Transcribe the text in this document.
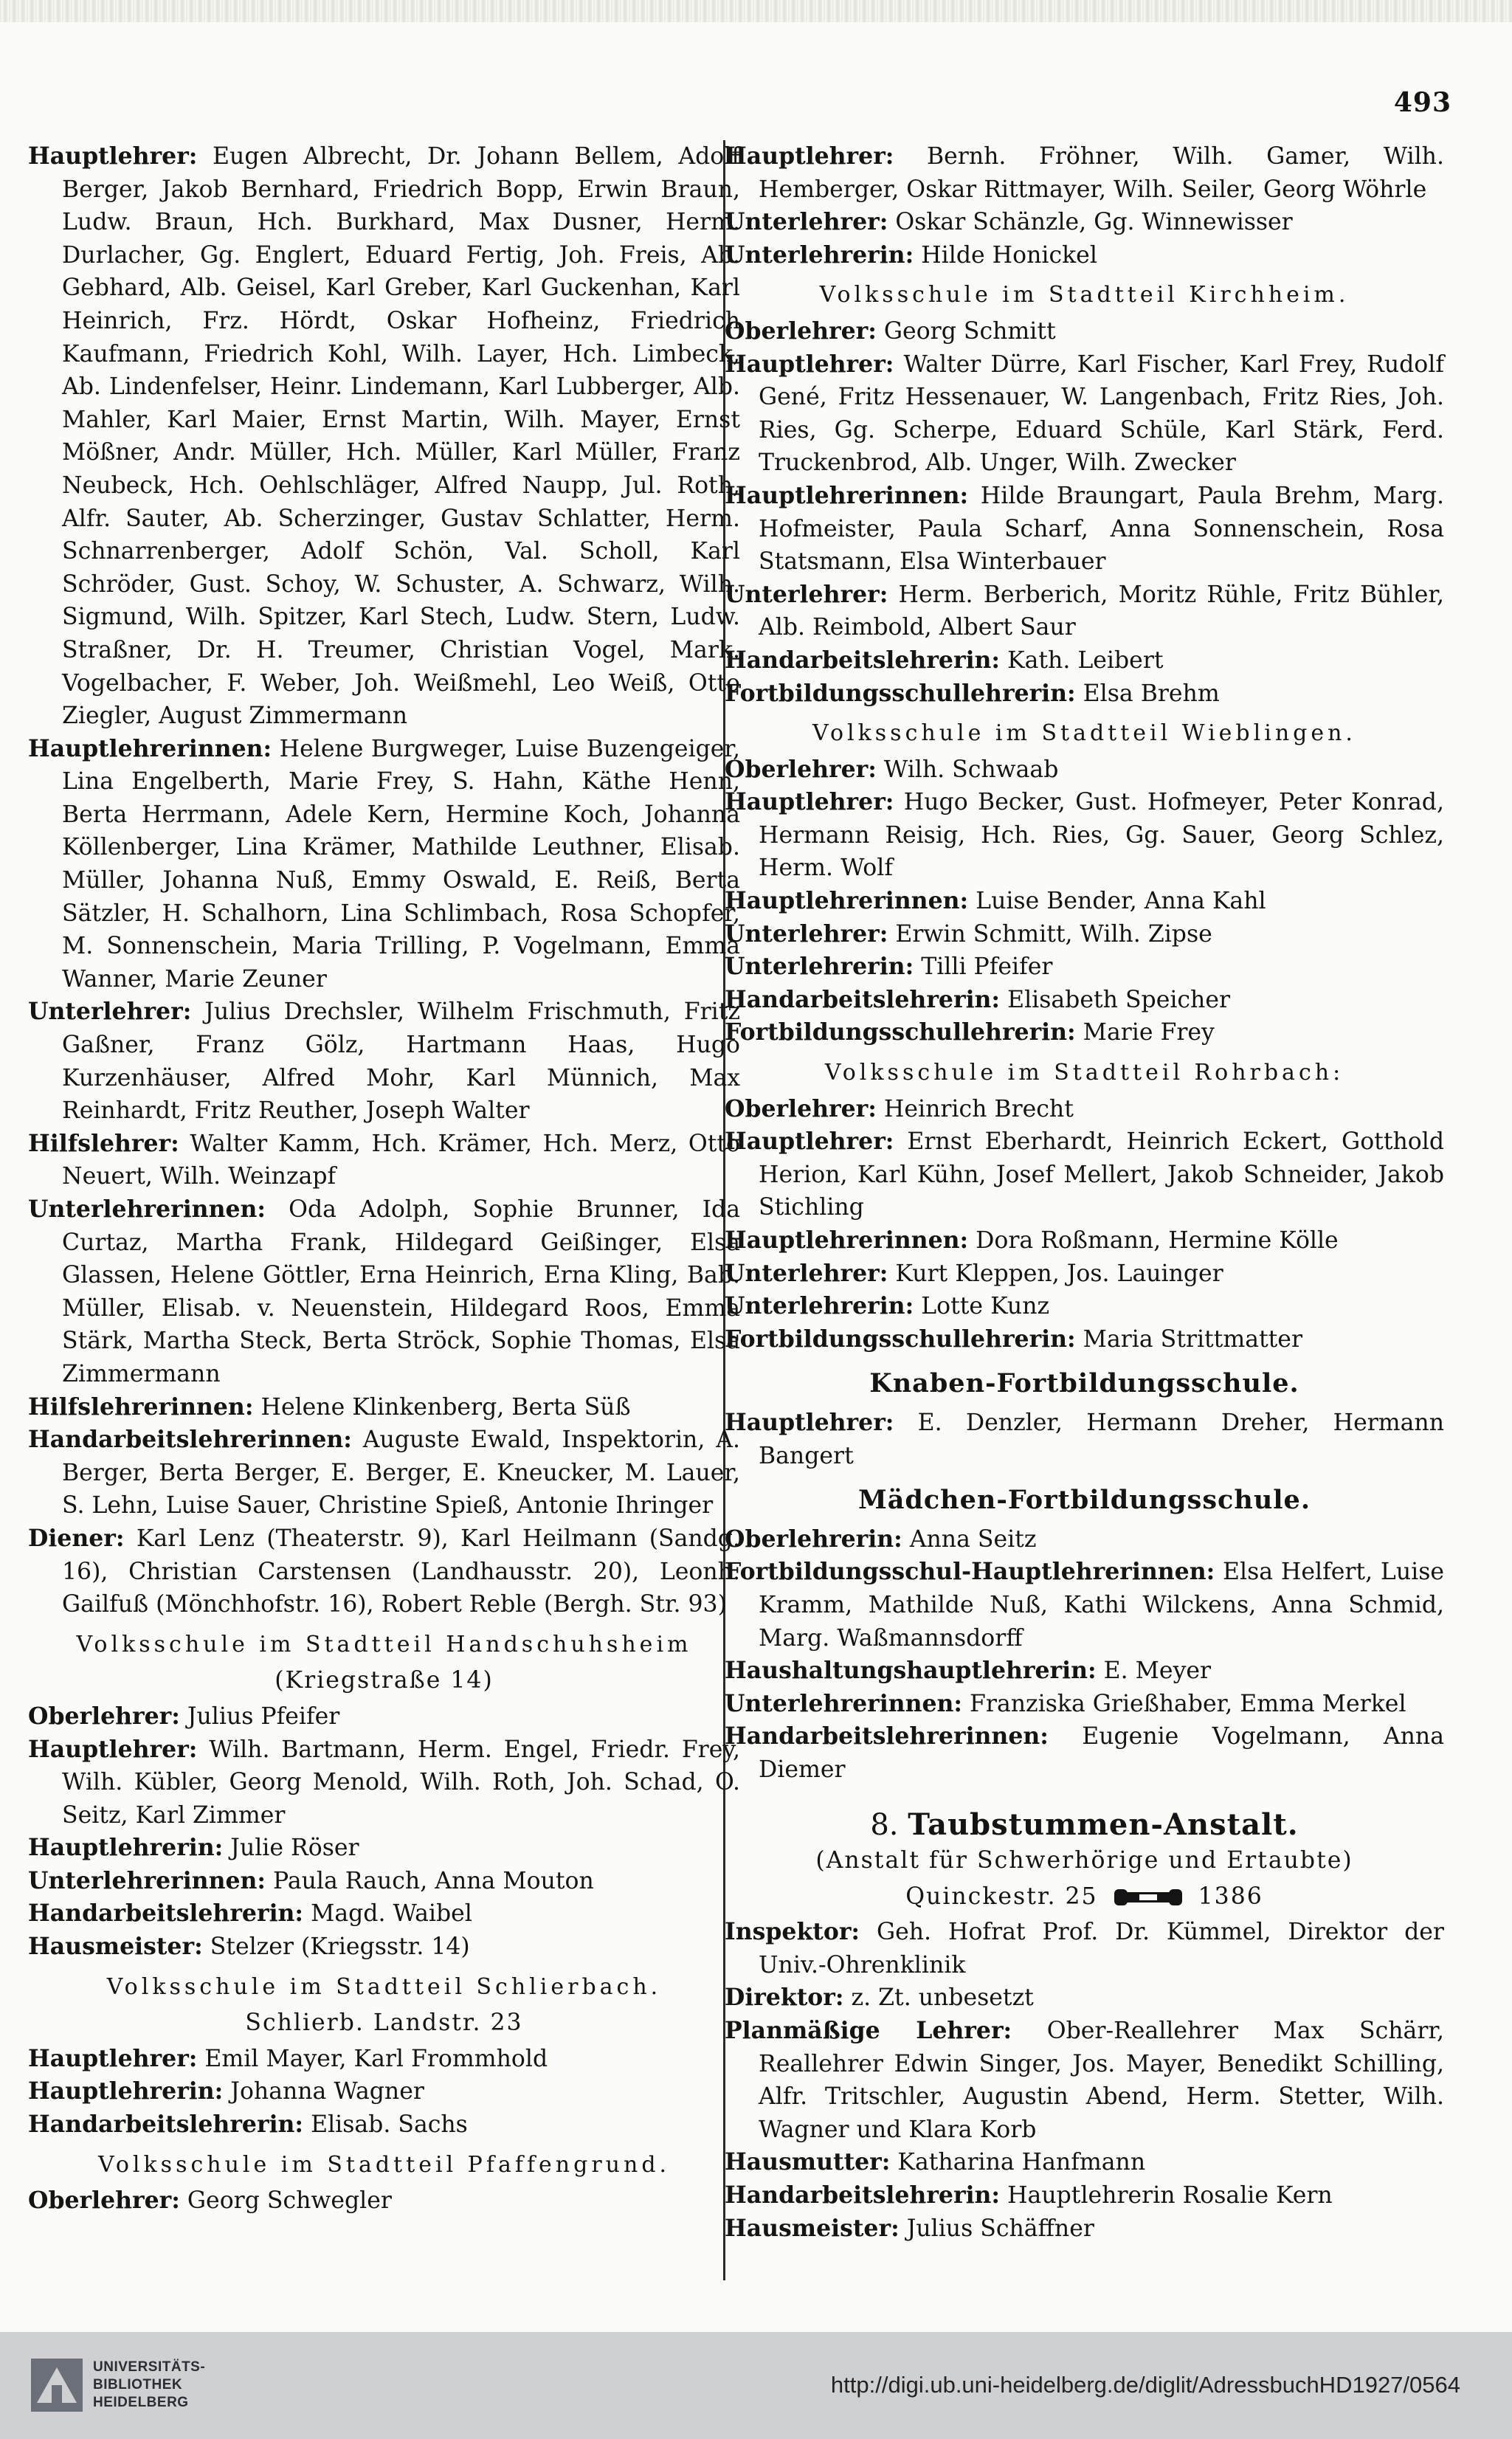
493

Hauptlehrer: Eugen Albrecht, Dr. Johann Bellem, Adolf Berger, Jakob Bernhard, Friedrich Bopp, Erwin Braun, Ludw. Braun, Hch. Burkhard, Max Dusner, Herm. Durlacher, Gg. Englert, Eduard Fertig, Joh. Freis, Ab. Gebhard, Alb. Geisel, Karl Greber, Karl Guckenhan, Karl Heinrich, Frz. Hördt, Oskar Hofheinz, Friedrich Kaufmann, Friedrich Kohl, Wilh. Layer, Hch. Limbeck, Ab. Lindenfelser, Heinr. Lindemann, Karl Lubberger, Alb. Mahler, Karl Maier, Ernst Martin, Wilh. Mayer, Ernst Mößner, Andr. Müller, Hch. Müller, Karl Müller, Franz Neubeck, Hch. Oehlschläger, Alfred Naupp, Jul. Roth, Alfr. Sauter, Ab. Scherzinger, Gustav Schlatter, Herm. Schnarrenberger, Adolf Schön, Val. Scholl, Karl Schröder, Gust. Schoy, W. Schuster, A. Schwarz, Wilh. Sigmund, Wilh. Spitzer, Karl Stech, Ludw. Stern, Ludw. Straßner, Dr. H. Treumer, Christian Vogel, Mark. Vogelbacher, F. Weber, Joh. Weißmehl, Leo Weiß, Otto Ziegler, August Zimmermann

Hauptlehrerinnen: Helene Burgweger, Luise Buzengeiger, Lina Engelberth, Marie Frey, S. Hahn, Käthe Henn, Berta Herrmann, Adele Kern, Hermine Koch, Johanna Köllenberger, Lina Krämer, Mathilde Leuthner, Elisab. Müller, Johanna Nuß, Emmy Oswald, E. Reiß, Berta Sätzler, H. Schalhorn, Lina Schlimbach, Rosa Schopfer, M. Sonnenschein, Maria Trilling, P. Vogelmann, Emma Wanner, Marie Zeuner

Unterlehrer: Julius Drechsler, Wilhelm Frischmuth, Fritz Gaßner, Franz Gölz, Hartmann Haas, Hugo Kurzenhäuser, Alfred Mohr, Karl Münnich, Max Reinhardt, Fritz Reuther, Joseph Walter

Hilfslehrer: Walter Kamm, Hch. Krämer, Hch. Merz, Otto Neuert, Wilh. Weinzapf

Unterlehrerinnen: Oda Adolph, Sophie Brunner, Ida Curtaz, Martha Frank, Hildegard Geißinger, Elsa Glassen, Helene Göttler, Erna Heinrich, Erna Kling, Bab. Müller, Elisab. v. Neuenstein, Hildegard Roos, Emma Stärk, Martha Steck, Berta Ströck, Sophie Thomas, Elsa Zimmermann

Hilfslehrerinnen: Helene Klinkenberg, Berta Süß

Handarbeitslehrerinnen: Auguste Ewald, Inspektorin, A. Berger, Berta Berger, E. Berger, E. Kneucker, M. Lauer, S. Lehn, Luise Sauer, Christine Spieß, Antonie Ihringer

Diener: Karl Lenz (Theaterstr. 9), Karl Heilmann (Sandg. 16), Christian Carstensen (Landhausstr. 20), Leonh. Gailfuß (Mönchhofstr. 16), Robert Reble (Bergh. Str. 93)

Volksschule im Stadtteil Handschuhsheim
(Kriegstraße 14)

Oberlehrer: Julius Pfeifer

Hauptlehrer: Wilh. Bartmann, Herm. Engel, Friedr. Frey, Wilh. Kübler, Georg Menold, Wilh. Roth, Joh. Schad, O. Seitz, Karl Zimmer

Hauptlehrerin: Julie Röser

Unterlehrerinnen: Paula Rauch, Anna Mouton

Handarbeitslehrerin: Magd. Waibel

Hausmeister: Stelzer (Kriegsstr. 14)

Volksschule im Stadtteil Schlierbach.
Schlierb. Landstr. 23

Hauptlehrer: Emil Mayer, Karl Frommhold

Hauptlehrerin: Johanna Wagner

Handarbeitslehrerin: Elisab. Sachs

Volksschule im Stadtteil Pfaffengrund.

Oberlehrer: Georg Schwegler

Hauptlehrer: Bernh. Fröhner, Wilh. Gamer, Wilh. Hemberger, Oskar Rittmayer, Wilh. Seiler, Georg Wöhrle

Unterlehrer: Oskar Schänzle, Gg. Winnewisser

Unterlehrerin: Hilde Honickel

Volksschule im Stadtteil Kirchheim.

Oberlehrer: Georg Schmitt

Hauptlehrer: Walter Dürre, Karl Fischer, Karl Frey, Rudolf Gené, Fritz Hessenauer, W. Langenbach, Fritz Ries, Joh. Ries, Gg. Scherpe, Eduard Schüle, Karl Stärk, Ferd. Truckenbrod, Alb. Unger, Wilh. Zwecker

Hauptlehrerinnen: Hilde Braungart, Paula Brehm, Marg. Hofmeister, Paula Scharf, Anna Sonnenschein, Rosa Statsmann, Elsa Winterbauer

Unterlehrer: Herm. Berberich, Moritz Rühle, Fritz Bühler, Alb. Reimbold, Albert Saur

Handarbeitslehrerin: Kath. Leibert

Fortbildungsschullehrerin: Elsa Brehm

Volksschule im Stadtteil Wieblingen.

Oberlehrer: Wilh. Schwaab

Hauptlehrer: Hugo Becker, Gust. Hofmeyer, Peter Konrad, Hermann Reisig, Hch. Ries, Gg. Sauer, Georg Schlez, Herm. Wolf

Hauptlehrerinnen: Luise Bender, Anna Kahl

Unterlehrer: Erwin Schmitt, Wilh. Zipse

Unterlehrerin: Tilli Pfeifer

Handarbeitslehrerin: Elisabeth Speicher

Fortbildungsschullehrerin: Marie Frey

Volksschule im Stadtteil Rohrbach:

Oberlehrer: Heinrich Brecht

Hauptlehrer: Ernst Eberhardt, Heinrich Eckert, Gotthold Herion, Karl Kühn, Josef Mellert, Jakob Schneider, Jakob Stichling

Hauptlehrerinnen: Dora Roßmann, Hermine Kölle

Unterlehrer: Kurt Kleppen, Jos. Lauinger

Unterlehrerin: Lotte Kunz

Fortbildungsschullehrerin: Maria Strittmatter

Knaben-Fortbildungsschule.

Hauptlehrer: E. Denzler, Hermann Dreher, Hermann Bangert

Mädchen-Fortbildungsschule.

Oberlehrerin: Anna Seitz

Fortbildungsschul-Hauptlehrerinnen: Elsa Helfert, Luise Kramm, Mathilde Nuß, Kathi Wilckens, Anna Schmid, Marg. Waßmannsdorff

Haushaltungshauptlehrerin: E. Meyer

Unterlehrerinnen: Franziska Grießhaber, Emma Merkel

Handarbeitslehrerinnen: Eugenie Vogelmann, Anna Diemer

8. Taubstummen-Anstalt.
(Anstalt für Schwerhörige und Ertaubte)
Quinckestr. 25	1386

Inspektor: Geh. Hofrat Prof. Dr. Kümmel, Direktor der Univ.-Ohrenklinik

Direktor: z. Zt. unbesetzt

Planmäßige Lehrer: Ober-Reallehrer Max Schärr, Reallehrer Edwin Singer, Jos. Mayer, Benedikt Schilling, Alfr. Tritschler, Augustin Abend, Herm. Stetter, Wilh. Wagner und Klara Korb

Hausmutter: Katharina Hanfmann

Handarbeitslehrerin: Hauptlehrerin Rosalie Kern

Hausmeister: Julius Schäffner

UNIVERSITÄTS-
BIBLIOTHEK
HEIDELBERG
http://digi.ub.uni-heidelberg.de/diglit/AdressbuchHD1927/0564
